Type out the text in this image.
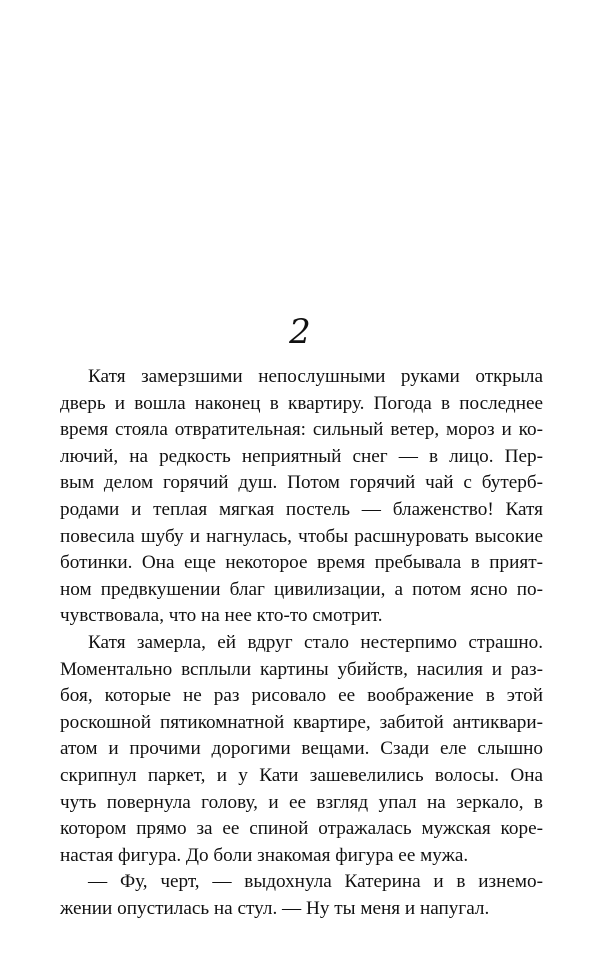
2

Катя замерзшими непослушными руками открыла
дверь и вошла наконец в квартиру. Погода в последнее
время стояла отвратительная: сильный ветер, мороз и ко-
лючий, на редкость неприятный снег — в лицо. Пер-
вым делом горячий душ. Потом горячий чай с бутерб-
родами и теплая мягкая постель — блаженство! Катя
повесила шубу и нагнулась, чтобы расшнуровать высокие
ботинки. Она еще некоторое время пребывала в прият-
ном предвкушении благ цивилизации, а потом ясно по-
чувствовала, что на нее кто-то смотрит.

Катя замерла, ей вдруг стало нестерпимо страшно.
Моментально всплыли картины убийств, насилия и раз-
боя, которые не раз рисовало ее воображение в этой
роскошной пятикомнатной квартире, забитой антиквари-
атом и прочими дорогими вещами. Сзади еле слышно
скрипнул паркет, и у Кати зашевелились волосы. Она
чуть повернула голову, и ее взгляд упал на зеркало, в
котором прямо за ее спиной отражалась мужская коре-
настая фигура. До боли знакомая фигура ее мужа.

— Фу, черт, — выдохнула Катерина и в изнемо-
жении опустилась на стул. — Ну ты меня и напугал.
